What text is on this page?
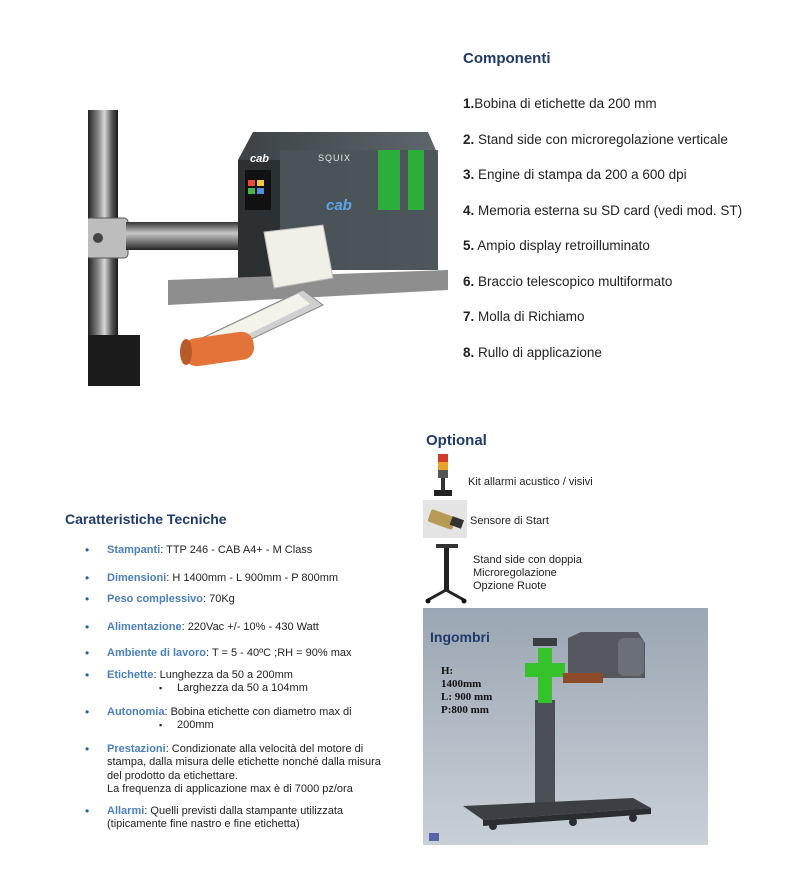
cab	SQUIX
cab
Componenti
1.Bobina di etichette da 200 mm
2. Stand side con microregolazione verticale
3. Engine di stampa da 200 a 600 dpi
4. Memoria esterna su SD card (vedi mod. ST)
5. Ampio display retroilluminato
6. Braccio telescopico multiformato
7. Molla di Richiamo
8. Rullo di applicazione
Optional
Kit allarmi acustico / visivi
Sensore di Start
Stand side con doppia
Microregolazione
Opzione Ruote
Caratteristiche Tecniche
• Stampanti: TTP 246 - CAB A4+ - M Class
• Dimensioni: H 1400mm - L 900mm - P 800mm
• Peso complessivo: 70Kg
• Alimentazione: 220Vac +/- 10% - 430 Watt
• Ambiente di lavoro: T = 5 - 40ºC ;RH = 90% max
• Etichette: Lunghezza da 50 a 200mm
▪ Larghezza da 50 a 104mm
• Autonomia: Bobina etichette con diametro max di
▪ 200mm
• Prestazioni: Condizionate alla velocità del motore di stampa, dalla misura delle etichette nonché dalla misura del prodotto da etichettare.
La frequenza di applicazione max è di 7000 pz/ora
• Allarmi: Quelli previsti dalla stampante utilizzata (tipicamente fine nastro e fine etichetta)
Ingombri
H:
1400mm
L: 900 mm
P:800 mm
